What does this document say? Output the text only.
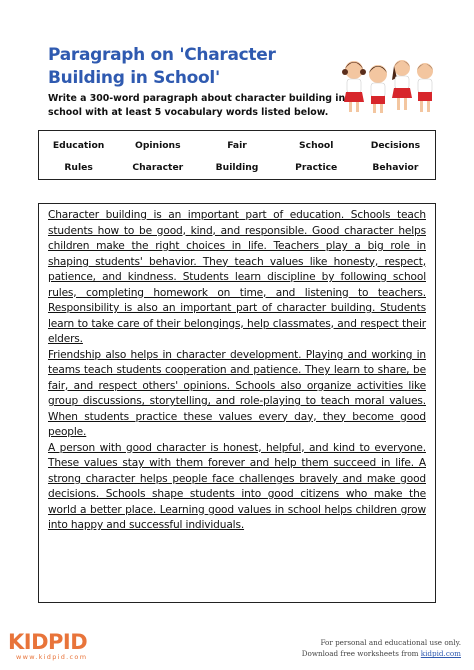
Paragraph on 'Character Building in School'
Write a 300-word paragraph about character building in school with at least 5 vocabulary words listed below.
Education	Opinions	Fair	School	Decisions
Rules	Character	Building	Practice	Behavior

Character building is an important part of education. Schools teach students how to be good, kind, and responsible. Good character helps children make the right choices in life. Teachers play a big role in shaping students' behavior. They teach values like honesty, respect, patience, and kindness. Students learn discipline by following school rules, completing homework on time, and listening to teachers. Responsibility is also an important part of character building. Students learn to take care of their belongings, help classmates, and respect their elders.

Friendship also helps in character development. Playing and working in teams teach students cooperation and patience. They learn to share, be fair, and respect others' opinions. Schools also organize activities like group discussions, storytelling, and role-playing to teach moral values. When students practice these values every day, they become good people.

A person with good character is honest, helpful, and kind to everyone. These values stay with them forever and help them succeed in life. A strong character helps people face challenges bravely and make good decisions. Schools shape students into good citizens who make the world a better place. Learning good values in school helps children grow into happy and successful individuals.

KIDPID
www.kidpid.com
For personal and educational use only.
Download free worksheets from kidpid.com
